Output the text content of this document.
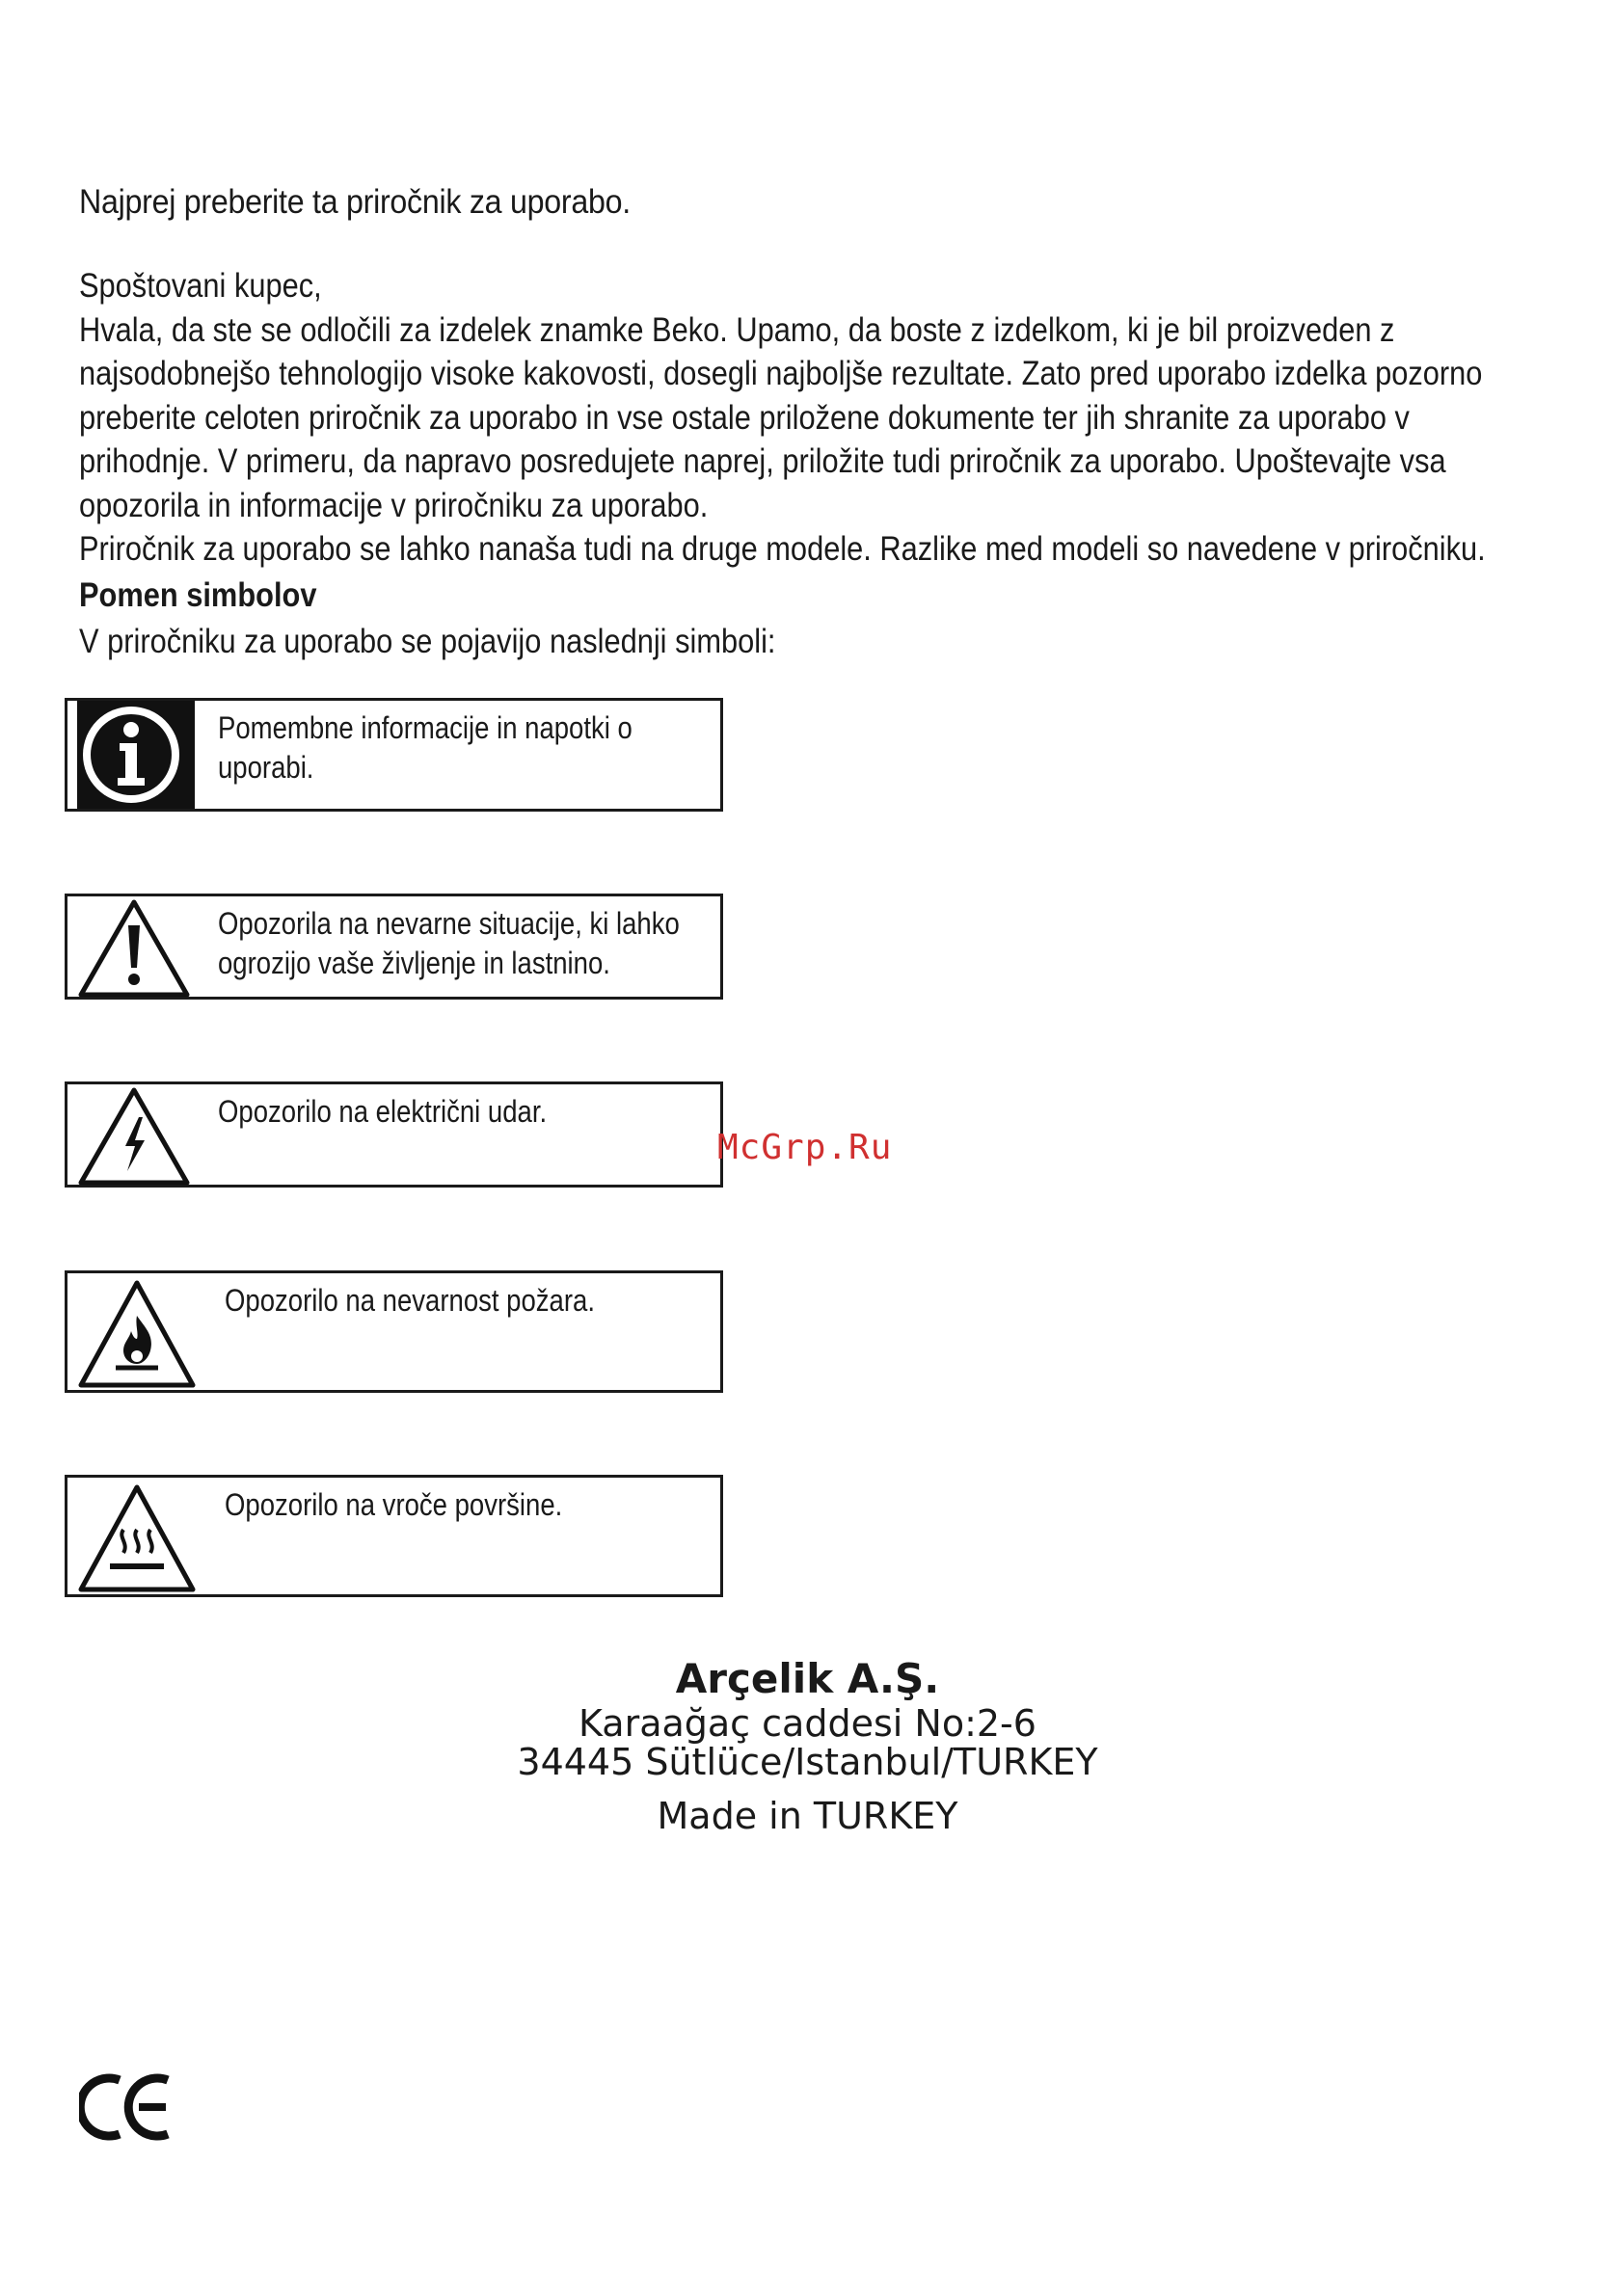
Najprej preberite ta priročnik za uporabo.

Spoštovani kupec,

Hvala, da ste se odločili za izdelek znamke Beko. Upamo, da boste z izdelkom, ki je bil proizveden z

najsodobnejšo tehnologijo visoke kakovosti, dosegli najboljše rezultate. Zato pred uporabo izdelka pozorno

preberite celoten priročnik za uporabo in vse ostale priložene dokumente ter jih shranite za uporabo v

prihodnje. V primeru, da napravo posredujete naprej, priložite tudi priročnik za uporabo. Upoštevajte vsa

opozorila in informacije v priročniku za uporabo.

Priročnik za uporabo se lahko nanaša tudi na druge modele. Razlike med modeli so navedene v priročniku.

Pomen simbolov
V priročniku za uporabo se pojavijo naslednji simboli:
Pomembne informacije in napotki o uporabi.
Opozorila na nevarne situacije, ki lahko ogrozijo vaše življenje in lastnino.
Opozorilo na električni udar.
Opozorilo na nevarnost požara.
Opozorilo na vroče površine.
McGrp.Ru
Arçelik A.Ş.
Karaağaç caddesi No:2-6
34445 Sütlüce/Istanbul/TURKEY
Made in TURKEY
